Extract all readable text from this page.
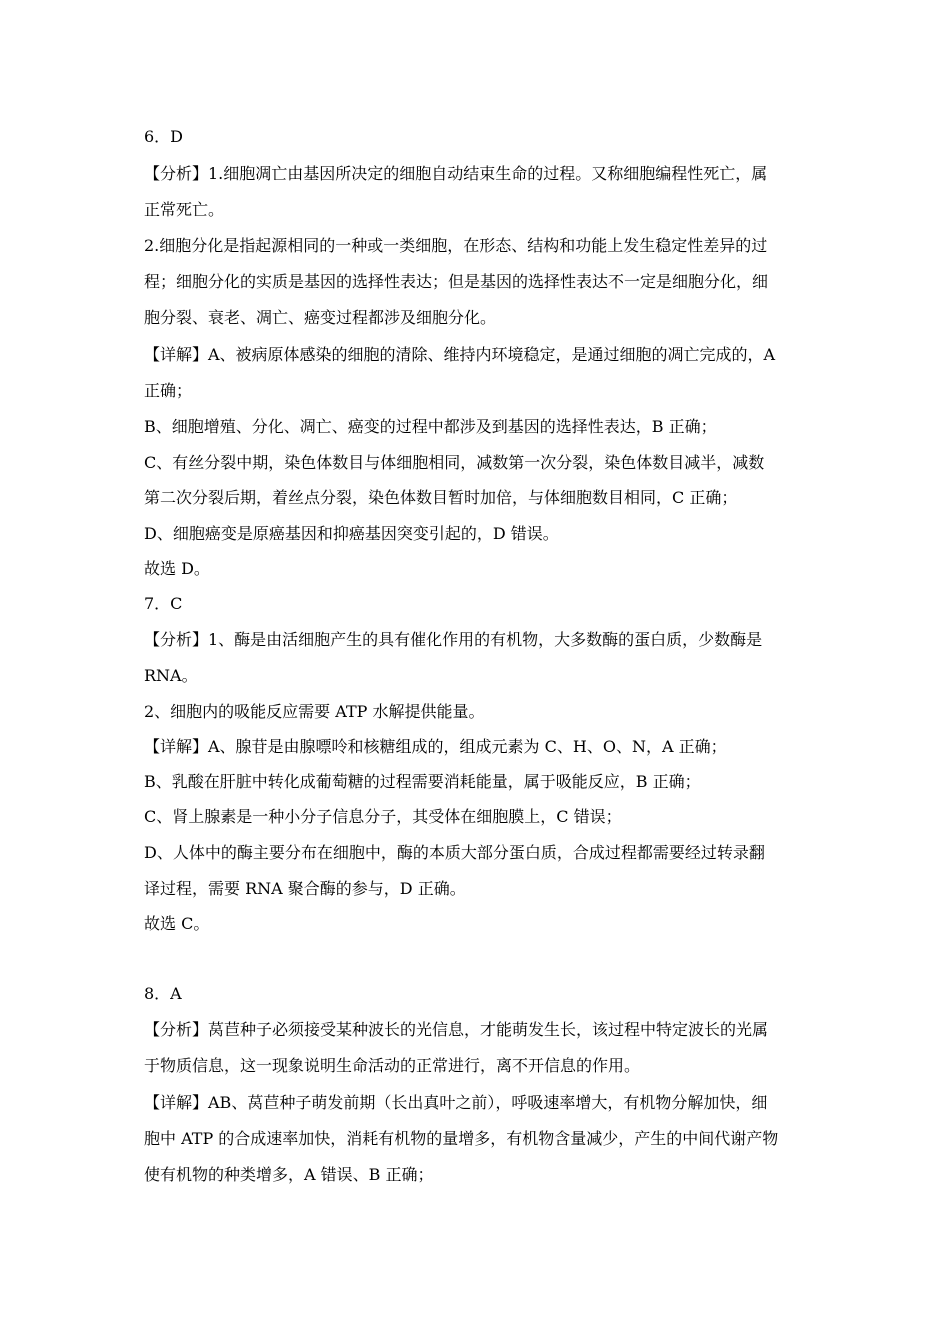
6．D
【分析】1.细胞凋亡由基因所决定的细胞自动结束生命的过程。又称细胞编程性死亡，属
正常死亡。
2.细胞分化是指起源相同的一种或一类细胞，在形态、结构和功能上发生稳定性差异的过
程；细胞分化的实质是基因的选择性表达；但是基因的选择性表达不一定是细胞分化，细
胞分裂、衰老、凋亡、癌变过程都涉及细胞分化。
【详解】A、被病原体感染的细胞的清除、维持内环境稳定，是通过细胞的凋亡完成的，A
正确；
B、细胞增殖、分化、凋亡、癌变的过程中都涉及到基因的选择性表达，B 正确；
C、有丝分裂中期，染色体数目与体细胞相同，减数第一次分裂，染色体数目减半，减数
第二次分裂后期，着丝点分裂，染色体数目暂时加倍，与体细胞数目相同，C 正确；
D、细胞癌变是原癌基因和抑癌基因突变引起的，D 错误。
故选 D。
7．C
【分析】1、酶是由活细胞产生的具有催化作用的有机物，大多数酶的蛋白质，少数酶是
RNA。
2、细胞内的吸能反应需要 ATP 水解提供能量。
【详解】A、腺苷是由腺嘌呤和核糖组成的，组成元素为 C、H、O、N，A 正确；
B、乳酸在肝脏中转化成葡萄糖的过程需要消耗能量，属于吸能反应，B 正确；
C、肾上腺素是一种小分子信息分子，其受体在细胞膜上，C 错误；
D、人体中的酶主要分布在细胞中，酶的本质大部分蛋白质，合成过程都需要经过转录翻
译过程，需要 RNA 聚合酶的参与，D 正确。
故选 C。
8．A
【分析】莴苣种子必须接受某种波长的光信息，才能萌发生长，该过程中特定波长的光属
于物质信息，这一现象说明生命活动的正常进行，离不开信息的作用。
【详解】AB、莴苣种子萌发前期（长出真叶之前），呼吸速率增大，有机物分解加快，细
胞中 ATP 的合成速率加快，消耗有机物的量增多，有机物含量减少，产生的中间代谢产物
使有机物的种类增多，A 错误、B 正确；
